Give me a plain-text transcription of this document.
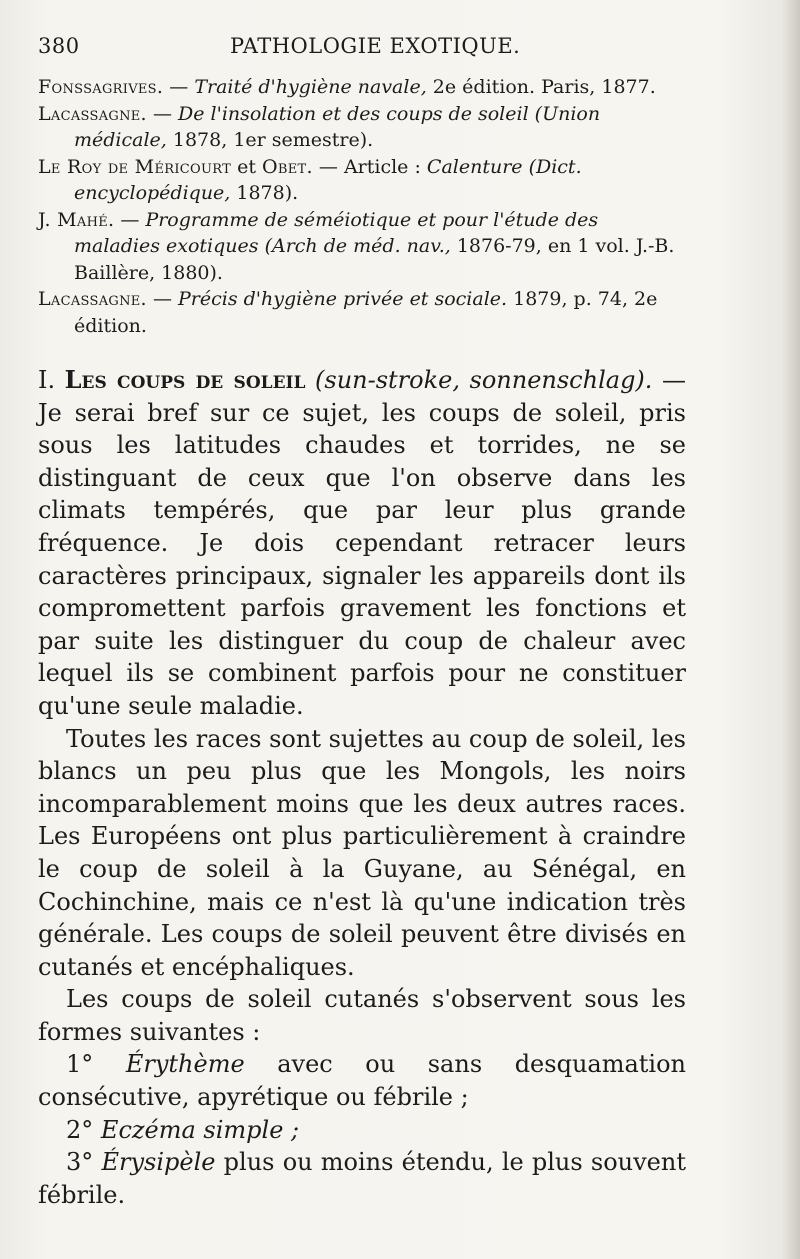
380	PATHOLOGIE EXOTIQUE.

Fonssagrives. — Traité d'hygiène navale, 2e édition. Paris, 1877.

Lacassagne. — De l'insolation et des coups de soleil (Union médicale, 1878, 1er semestre).

Le Roy de Méricourt et Obet. — Article : Calenture (Dict. encyclopédique, 1878).

J. Mahé. — Programme de séméiotique et pour l'étude des maladies exotiques (Arch de méd. nav., 1876-79, en 1 vol. J.-B. Baillère, 1880).

Lacassagne. — Précis d'hygiène privée et sociale. 1879, p. 74, 2e édition.

I. Les coups de soleil (sun-stroke, sonnenschlag). — Je serai bref sur ce sujet, les coups de soleil, pris sous les latitudes chaudes et torrides, ne se distinguant de ceux que l'on observe dans les climats tempérés, que par leur plus grande fréquence. Je dois cependant retracer leurs caractères principaux, signaler les appareils dont ils compromettent parfois gravement les fonctions et par suite les distinguer du coup de chaleur avec lequel ils se combinent parfois pour ne constituer qu'une seule maladie.

Toutes les races sont sujettes au coup de soleil, les blancs un peu plus que les Mongols, les noirs incomparablement moins que les deux autres races. Les Européens ont plus particulièrement à craindre le coup de soleil à la Guyane, au Sénégal, en Cochinchine, mais ce n'est là qu'une indication très générale. Les coups de soleil peuvent être divisés en cutanés et encéphaliques.

Les coups de soleil cutanés s'observent sous les formes suivantes :

1° Érythème avec ou sans desquamation consécutive, apyrétique ou fébrile ;

2° Eczéma simple ;

3° Érysipèle plus ou moins étendu, le plus souvent fébrile.
